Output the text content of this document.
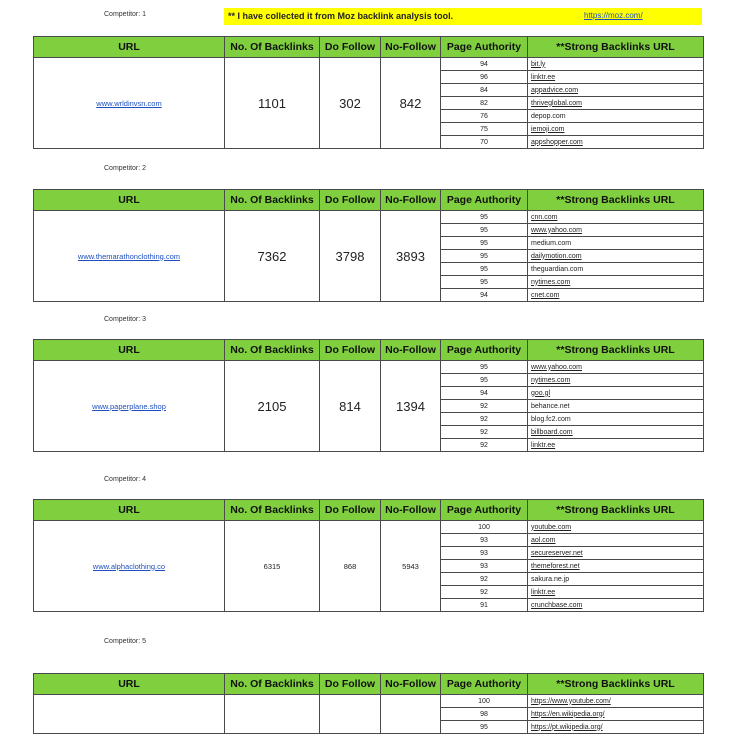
** I have collected it from Moz backlink analysis tool.	https://moz.com/
Competitor: 1
URL	No. Of Backlinks	Do Follow	No-Follow	Page Authority	**Strong Backlinks URL
www.wrldinvsn.com	1101	302	842	94	bit.ly
				96	linktr.ee
				84	appadvice.com
				82	thriveglobal.com
				76	depop.com
				75	iemoji.com
				70	appshopper.com
Competitor: 2
URL	No. Of Backlinks	Do Follow	No-Follow	Page Authority	**Strong Backlinks URL
www.themarathonclothing.com	7362	3798	3893	95	cnn.com
				95	www.yahoo.com
				95	medium.com
				95	dailymotion.com
				95	theguardian.com
				95	nytimes.com
				94	cnet.com
Competitor: 3
URL	No. Of Backlinks	Do Follow	No-Follow	Page Authority	**Strong Backlinks URL
www.paperplane.shop	2105	814	1394	95	www.yahoo.com
				95	nytimes.com
				94	goo.gl
				92	behance.net
				92	blog.fc2.com
				92	billboard.com
				92	linktr.ee
Competitor: 4
URL	No. Of Backlinks	Do Follow	No-Follow	Page Authority	**Strong Backlinks URL
www.alphaclothing.co	6315	868	5943	100	youtube.com
				93	aol.com
				93	secureserver.net
				93	themeforest.net
				92	sakura.ne.jp
				92	linktr.ee
				91	crunchbase.com
Competitor: 5
URL	No. Of Backlinks	Do Follow	No-Follow	Page Authority	**Strong Backlinks URL
				100	https://www.youtube.com/
				98	https://en.wikipedia.org/
				95	https://pt.wikipedia.org/
